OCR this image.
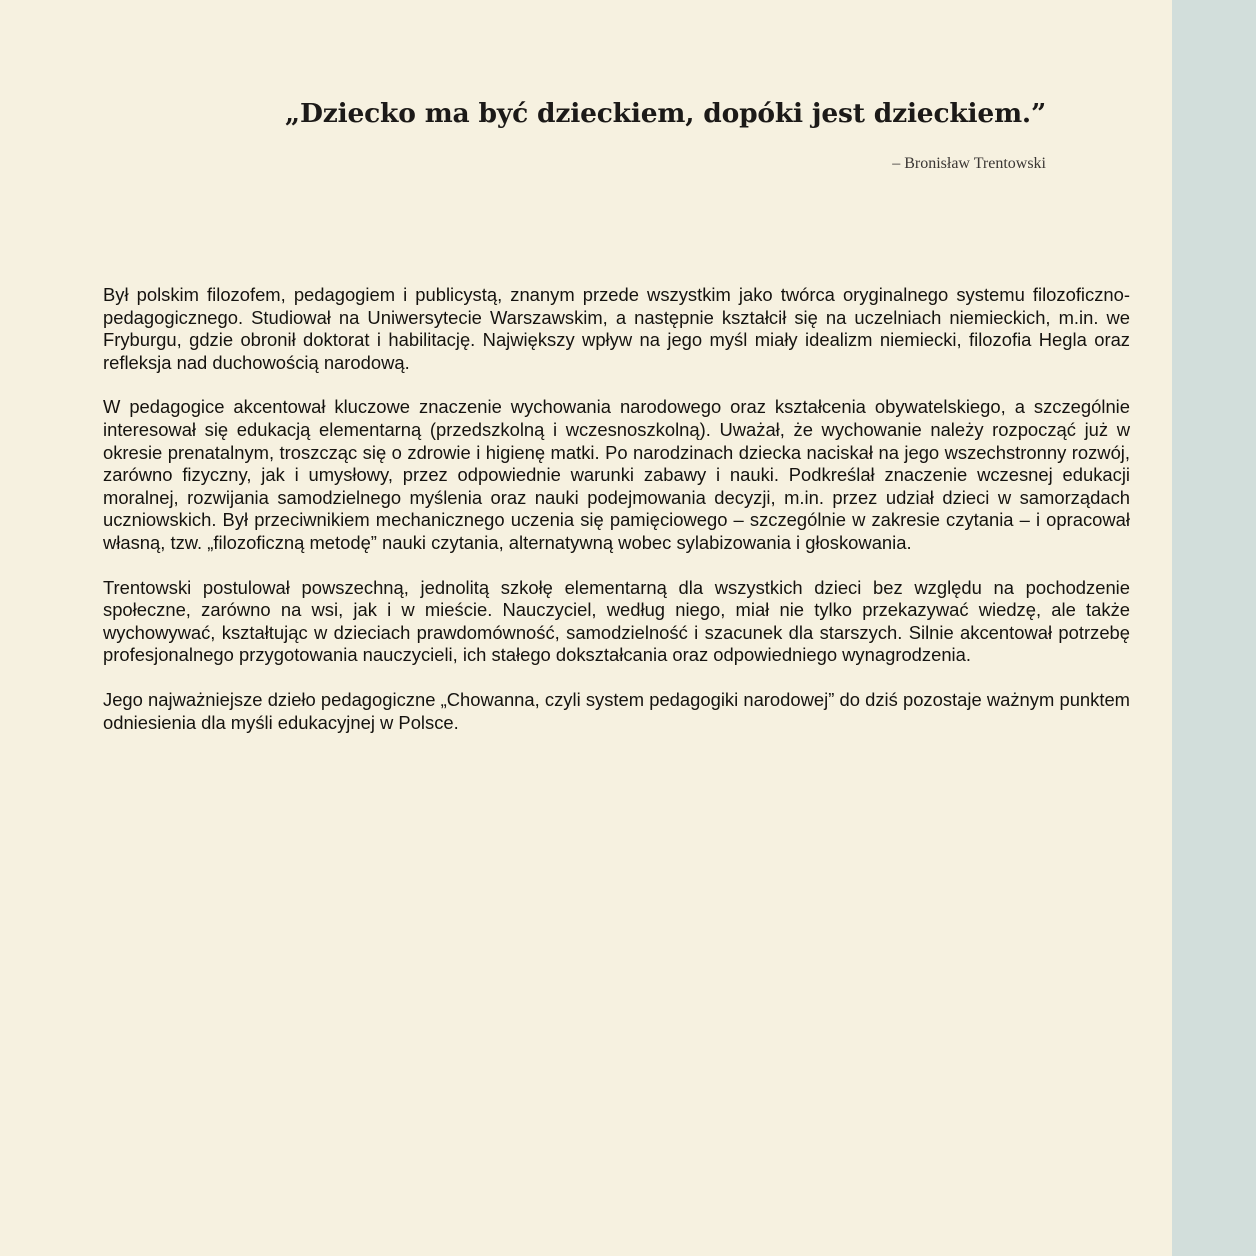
„Dziecko ma być dzieckiem, dopóki jest dzieckiem.”

– Bronisław Trentowski

Był polskim filozofem, pedagogiem i publicystą, znanym przede wszystkim jako twórca oryginalnego systemu filozoficzno-pedagogicznego. Studiował na Uniwersytecie Warszawskim, a następnie kształcił się na uczelniach niemieckich, m.in. we Fryburgu, gdzie obronił doktorat i habilitację. Największy wpływ na jego myśl miały idealizm niemiecki, filozofia Hegla oraz refleksja nad duchowością narodową.

W pedagogice akcentował kluczowe znaczenie wychowania narodowego oraz kształcenia obywatelskiego, a szczególnie interesował się edukacją elementarną (przedszkolną i wczesnoszkolną). Uważał, że wychowanie należy rozpocząć już w okresie prenatalnym, troszcząc się o zdrowie i higienę matki. Po narodzinach dziecka naciskał na jego wszechstronny rozwój, zarówno fizyczny, jak i umysłowy, przez odpowiednie warunki zabawy i nauki. Podkreślał znaczenie wczesnej edukacji moralnej, rozwijania samodzielnego myślenia oraz nauki podejmowania decyzji, m.in. przez udział dzieci w samorządach uczniowskich. Był przeciwnikiem mechanicznego uczenia się pamięciowego – szczególnie w zakresie czytania – i opracował własną, tzw. „filozoficzną metodę” nauki czytania, alternatywną wobec sylabizowania i głoskowania.

Trentowski postulował powszechną, jednolitą szkołę elementarną dla wszystkich dzieci bez względu na pochodzenie społeczne, zarówno na wsi, jak i w mieście. Nauczyciel, według niego, miał nie tylko przekazywać wiedzę, ale także wychowywać, kształtując w dzieciach prawdomówność, samodzielność i szacunek dla starszych. Silnie akcentował potrzebę profesjonalnego przygotowania nauczycieli, ich stałego dokształcania oraz odpowiedniego wynagrodzenia.

Jego najważniejsze dzieło pedagogiczne „Chowanna, czyli system pedagogiki narodowej” do dziś pozostaje ważnym punktem odniesienia dla myśli edukacyjnej w Polsce.
